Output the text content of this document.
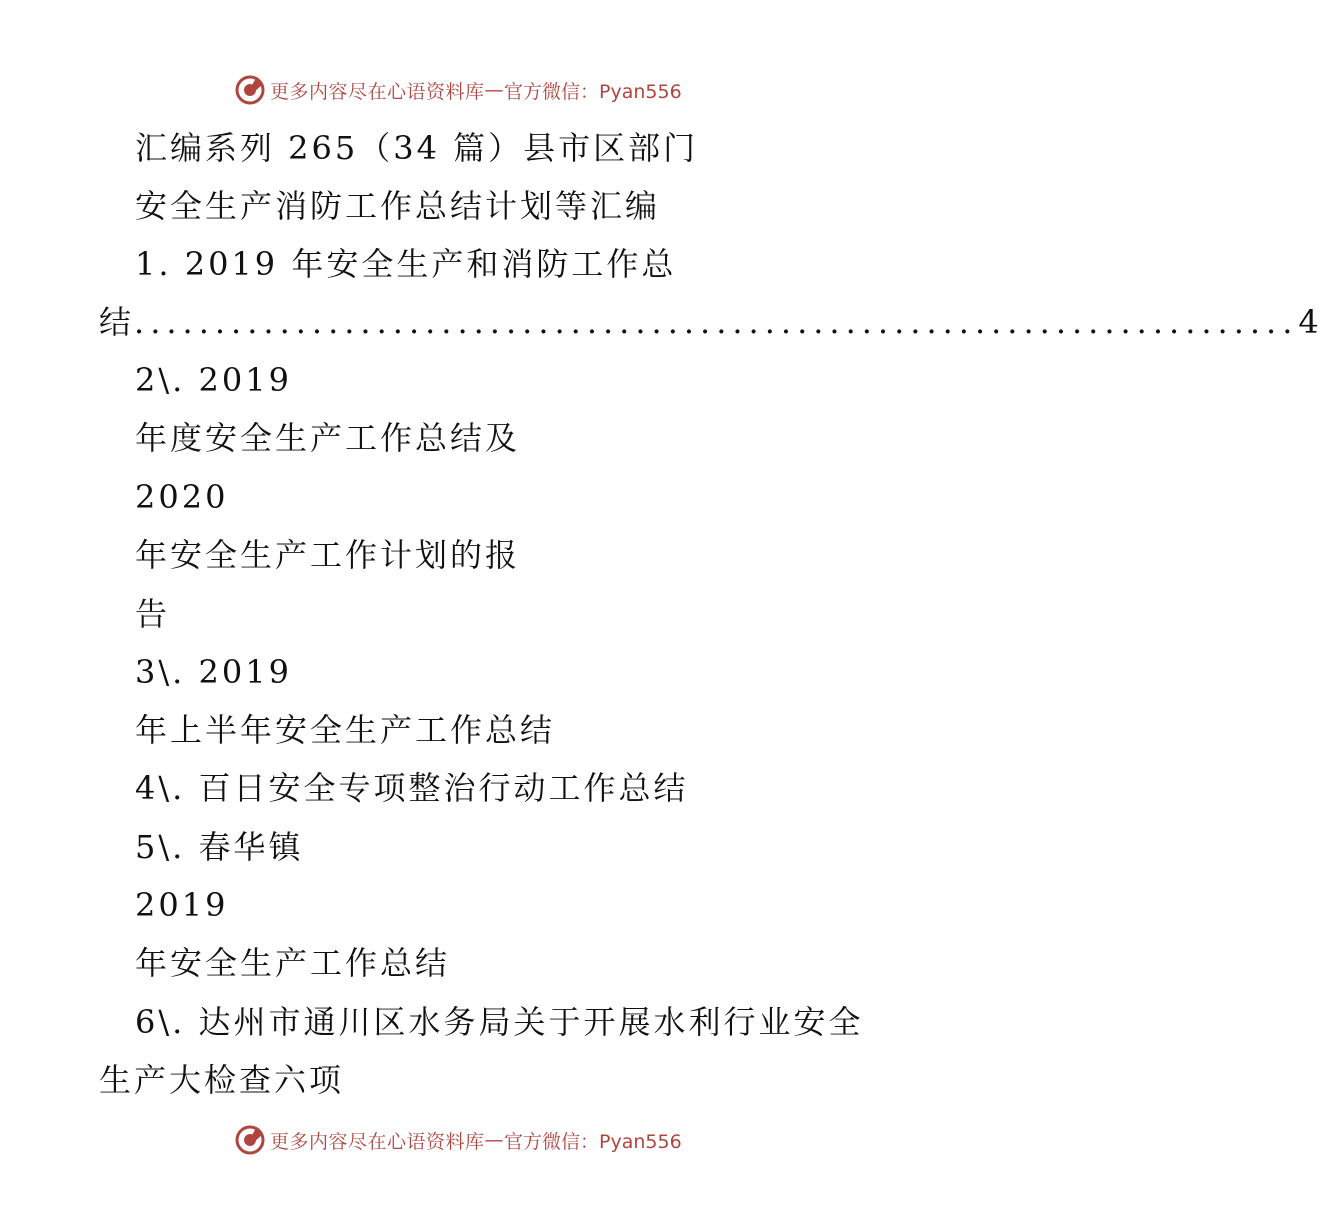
更多内容尽在心语资料库 — 官方微信：Pyan556
汇编系列 265（34 篇）县市区部门
安全生产消防工作总结计划等汇编
1. 2019 年安全生产和消防工作总
结 ........................................................................ 4
2\. 2019
年度安全生产工作总结及
2020
年安全生产工作计划的报
告
3\. 2019
年上半年安全生产工作总结
4\. 百日安全专项整治行动工作总结
5\. 春华镇
2019
年安全生产工作总结
6\. 达州市通川区水务局关于开展水利行业安全
生产大检查六项
更多内容尽在心语资料库 — 官方微信：Pyan556
